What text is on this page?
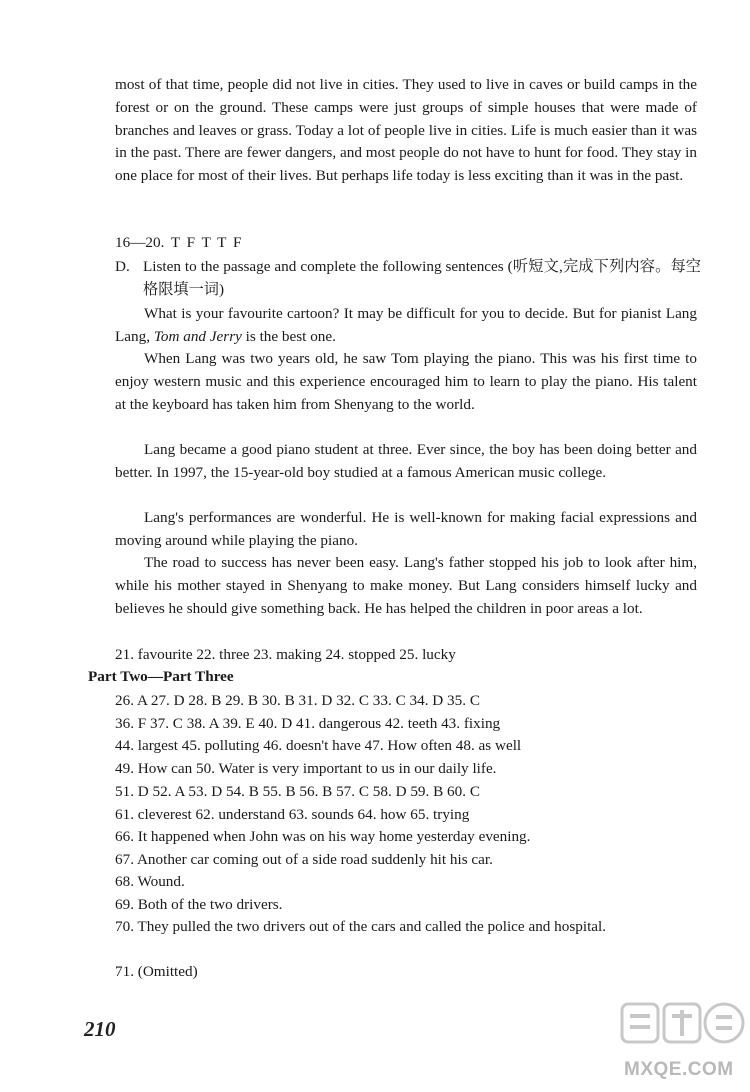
most of that time, people did not live in cities. They used to live in caves or build camps in the forest or on the ground. These camps were just groups of simple houses that were made of branches and leaves or grass. Today a lot of people live in cities. Life is much easier than it was in the past. There are fewer dangers, and most people do not have to hunt for food. They stay in one place for most of their lives. But perhaps life today is less exciting than it was in the past.

16—20. T F T T F

D. Listen to the passage and complete the following sentences (听短文,完成下列内容。每空格限填一词)

What is your favourite cartoon? It may be difficult for you to decide. But for pianist Lang Lang, Tom and Jerry is the best one.

When Lang was two years old, he saw Tom playing the piano. This was his first time to enjoy western music and this experience encouraged him to learn to play the piano. His talent at the keyboard has taken him from Shenyang to the world.

Lang became a good piano student at three. Ever since, the boy has been doing better and better. In 1997, the 15-year-old boy studied at a famous American music college.

Lang's performances are wonderful. He is well-known for making facial expressions and moving around while playing the piano.

The road to success has never been easy. Lang's father stopped his job to look after him, while his mother stayed in Shenyang to make money. But Lang considers himself lucky and believes he should give something back. He has helped the children in poor areas a lot.

21. favourite 22. three 23. making 24. stopped 25. lucky

Part Two—Part Three

26. A 27. D 28. B 29. B 30. B 31. D 32. C 33. C 34. D 35. C

36. F 37. C 38. A 39. E 40. D 41. dangerous 42. teeth 43. fixing

44. largest 45. polluting 46. doesn't have 47. How often 48. as well

49. How can 50. Water is very important to us in our daily life.

51. D 52. A 53. D 54. B 55. B 56. B 57. C 58. D 59. B 60. C

61. cleverest 62. understand 63. sounds 64. how 65. trying

66. It happened when John was on his way home yesterday evening.

67. Another car coming out of a side road suddenly hit his car.

68. Wound.

69. Both of the two drivers.

70. They pulled the two drivers out of the cars and called the police and hospital.

71. (Omitted)

210
MXQE.COM
